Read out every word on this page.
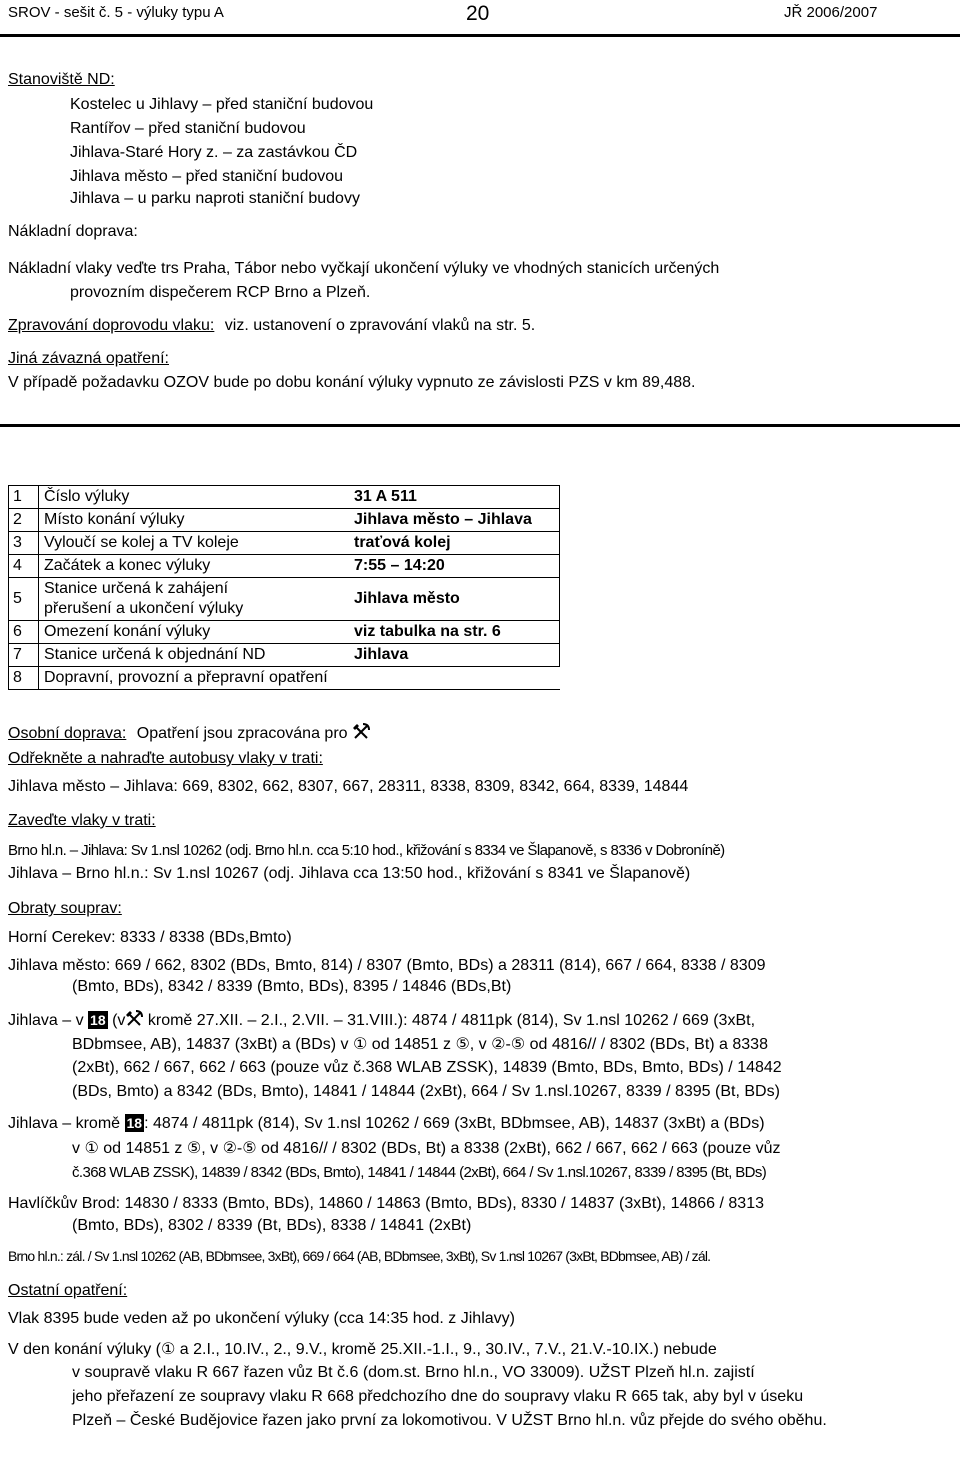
SROV - sešit č. 5 - výluky typu A	20	JŘ 2006/2007
Stanoviště ND:
Kostelec u Jihlavy – před staniční budovou
Rantířov – před staniční budovou
Jihlava-Staré Hory z. – za zastávkou ČD
Jihlava město – před staniční budovou
Jihlava – u parku naproti staniční budovy
Nákladní doprava:
Nákladní vlaky veďte trs Praha, Tábor nebo vyčkají ukončení výluky ve vhodných stanicích určených
provozním dispečerem RCP Brno a Plzeň.
Zpravování doprovodu vlaku: viz. ustanovení o zpravování vlaků na str. 5.
Jiná závazná opatření:
V případě požadavku OZOV bude po dobu konání výluky vypnuto ze závislosti PZS v km 89,488.
1	Číslo výluky	31 A 511
2	Místo konání výluky	Jihlava město – Jihlava
3	Vyloučí se kolej a TV koleje	traťová kolej
4	Začátek a konec výluky	7:55 – 14:20
5	Stanice určená k zahájení
přerušení a ukončení výluky	Jihlava město
6	Omezení konání výluky	viz tabulka na str. 6
7	Stanice určená k objednání ND	Jihlava
8	Dopravní, provozní a přepravní opatření	
Osobní doprava: Opatření jsou zpracována pro
Odřekněte a nahraďte autobusy vlaky v trati:
Jihlava město – Jihlava: 669, 8302, 662, 8307, 667, 28311, 8338, 8309, 8342, 664, 8339, 14844
Zaveďte vlaky v trati:
Brno hl.n. – Jihlava: Sv 1.nsl 10262 (odj. Brno hl.n. cca 5:10 hod., křižování s 8334 ve Šlapanově, s 8336 v Dobroníně)
Jihlava – Brno hl.n.: Sv 1.nsl 10267 (odj. Jihlava cca 13:50 hod., křižování s 8341 ve Šlapanově)
Obraty souprav:
Horní Cerekev: 8333 / 8338 (BDs,Bmto)
Jihlava město: 669 / 662, 8302 (BDs, Bmto, 814) / 8307 (Bmto, BDs) a 28311 (814), 667 / 664, 8338 / 8309
(Bmto, BDs), 8342 / 8339 (Bmto, BDs), 8395 / 14846 (BDs,Bt)
Jihlava – v 18 (v kromě 27.XII. – 2.I., 2.VII. – 31.VIII.): 4874 / 4811pk (814), Sv 1.nsl 10262 / 669 (3xBt,
BDbmsee, AB), 14837 (3xBt) a (BDs) v ① od 14851 z ⑤, v ②-⑤ od 4816// / 8302 (BDs, Bt) a 8338
(2xBt), 662 / 667, 662 / 663 (pouze vůz č.368 WLAB ZSSK), 14839 (Bmto, BDs, Bmto, BDs) / 14842
(BDs, Bmto) a 8342 (BDs, Bmto), 14841 / 14844 (2xBt), 664 / Sv 1.nsl.10267, 8339 / 8395 (Bt, BDs)
Jihlava – kromě 18 : 4874 / 4811pk (814), Sv 1.nsl 10262 / 669 (3xBt, BDbmsee, AB), 14837 (3xBt) a (BDs)
v ① od 14851 z ⑤, v ②-⑤ od 4816// / 8302 (BDs, Bt) a 8338 (2xBt), 662 / 667, 662 / 663 (pouze vůz
č.368 WLAB ZSSK), 14839 / 8342 (BDs, Bmto), 14841 / 14844 (2xBt), 664 / Sv 1.nsl.10267, 8339 / 8395 (Bt, BDs)
Havlíčkův Brod: 14830 / 8333 (Bmto, BDs), 14860 / 14863 (Bmto, BDs), 8330 / 14837 (3xBt), 14866 / 8313
(Bmto, BDs), 8302 / 8339 (Bt, BDs), 8338 / 14841 (2xBt)
Brno hl.n.: zál. / Sv 1.nsl 10262 (AB, BDbmsee, 3xBt), 669 / 664 (AB, BDbmsee, 3xBt), Sv 1.nsl 10267 (3xBt, BDbmsee, AB) / zál.
Ostatní opatření:
Vlak 8395 bude veden až po ukončení výluky (cca 14:35 hod. z Jihlavy)
V den konání výluky (① a 2.I., 10.IV., 2., 9.V., kromě 25.XII.-1.I., 9., 30.IV., 7.V., 21.V.-10.IX.) nebude
v soupravě vlaku R 667 řazen vůz Bt č.6 (dom.st. Brno hl.n., VO 33009). UŽST Plzeň hl.n. zajistí
jeho přeřazení ze soupravy vlaku R 668 předchozího dne do soupravy vlaku R 665 tak, aby byl v úseku
Plzeň – České Budějovice řazen jako první za lokomotivou. V UŽST Brno hl.n. vůz přejde do svého oběhu.
